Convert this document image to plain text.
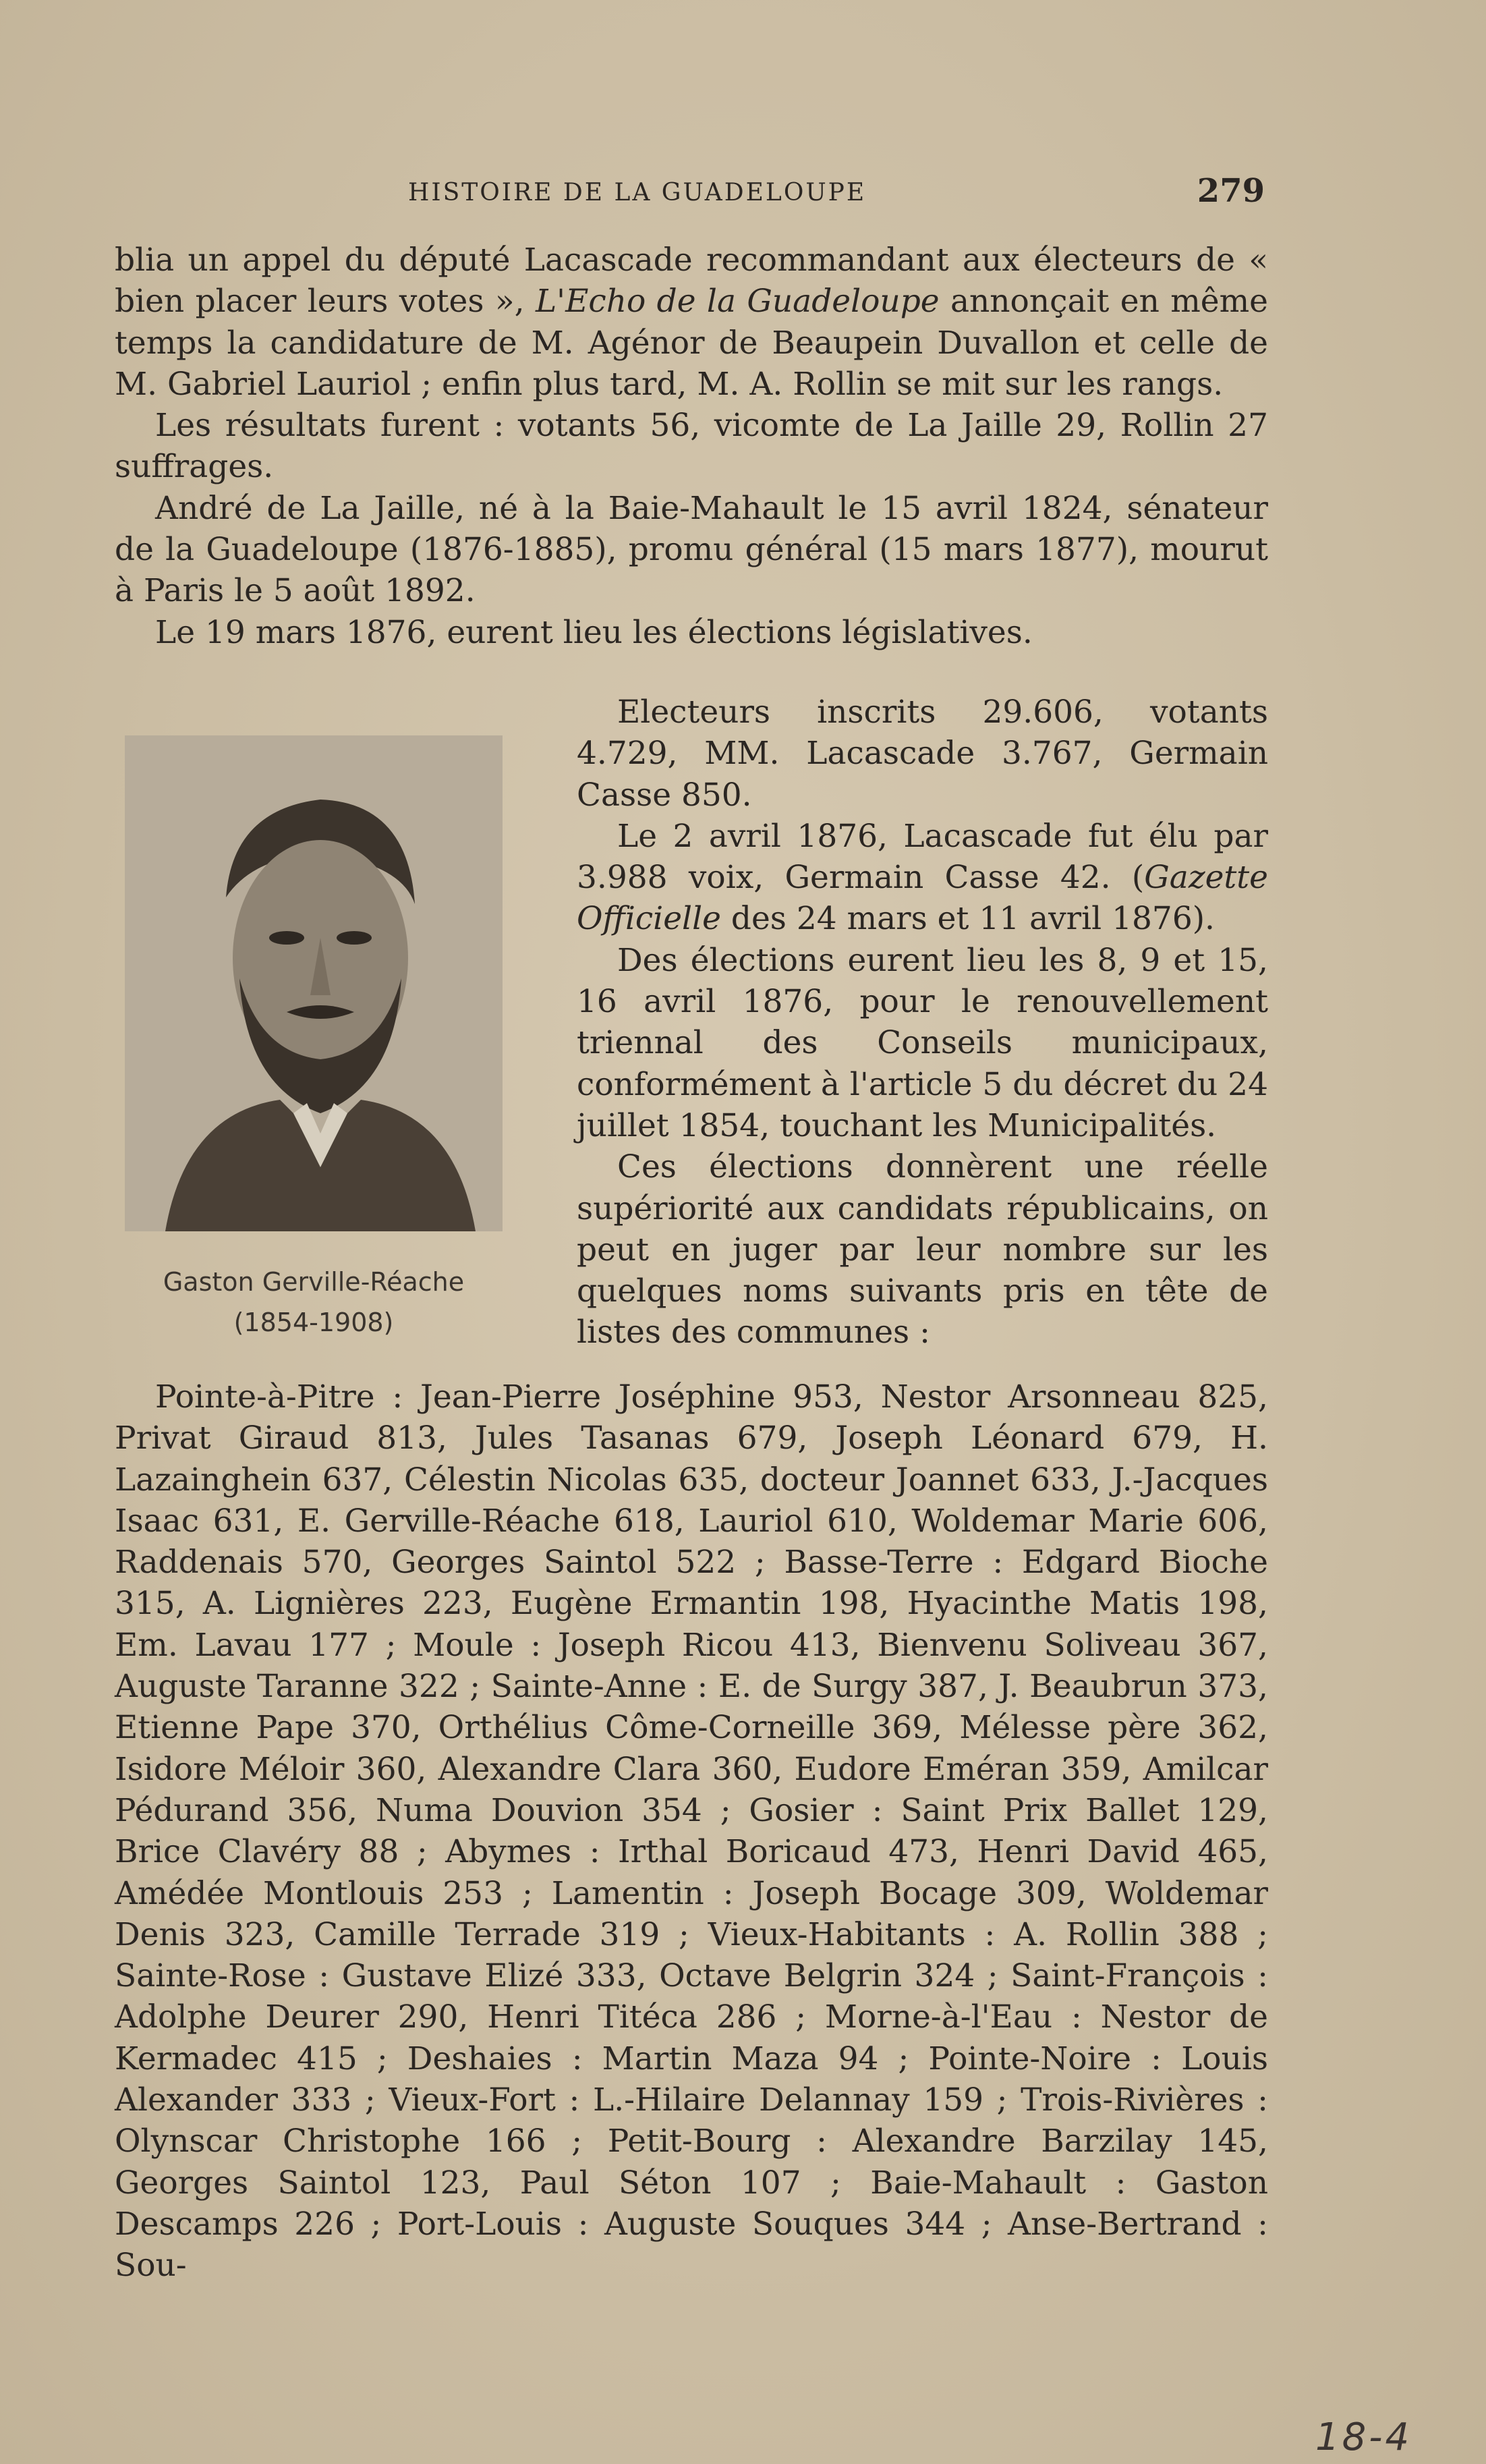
HISTOIRE DE LA GUADELOUPE	279

blia un appel du député Lacascade recommandant aux électeurs de « bien placer leurs votes », L'Echo de la Guadeloupe annonçait en même temps la candidature de M. Agénor de Beaupein Duvallon et celle de M. Gabriel Lauriol ; enfin plus tard, M. A. Rollin se mit sur les rangs.

Les résultats furent : votants 56, vicomte de La Jaille 29, Rollin 27 suffrages.

André de La Jaille, né à la Baie-Mahault le 15 avril 1824, sénateur de la Guadeloupe (1876-1885), promu général (15 mars 1877), mourut à Paris le 5 août 1892.

Le 19 mars 1876, eurent lieu les élections législatives.

Gaston Gerville-Réache
(1854-1908)

Electeurs inscrits 29.606, votants 4.729, MM. Lacascade 3.767, Germain Casse 850.

Le 2 avril 1876, Lacascade fut élu par 3.988 voix, Germain Casse 42. (Gazette Officielle des 24 mars et 11 avril 1876).

Des élections eurent lieu les 8, 9 et 15, 16 avril 1876, pour le renouvellement triennal des Conseils municipaux, conformément à l'article 5 du décret du 24 juillet 1854, touchant les Municipalités.

Ces élections donnèrent une réelle supériorité aux candidats républicains, on peut en juger par leur nombre sur les quelques noms suivants pris en tête de listes des communes :

Pointe-à-Pitre : Jean-Pierre Joséphine 953, Nestor Arsonneau 825, Privat Giraud 813, Jules Tasanas 679, Joseph Léonard 679, H. Lazainghein 637, Célestin Nicolas 635, docteur Joannet 633, J.-Jacques Isaac 631, E. Gerville-Réache 618, Lauriol 610, Woldemar Marie 606, Raddenais 570, Georges Saintol 522 ; Basse-Terre : Edgard Bioche 315, A. Lignières 223, Eugène Ermantin 198, Hyacinthe Matis 198, Em. Lavau 177 ; Moule : Joseph Ricou 413, Bienvenu Soliveau 367, Auguste Taranne 322 ; Sainte-Anne : E. de Surgy 387, J. Beaubrun 373, Etienne Pape 370, Orthélius Côme-Corneille 369, Mélesse père 362, Isidore Méloir 360, Alexandre Clara 360, Eudore Eméran 359, Amilcar Pédurand 356, Numa Douvion 354 ; Gosier : Saint Prix Ballet 129, Brice Clavéry 88 ; Abymes : Irthal Boricaud 473, Henri David 465, Amédée Montlouis 253 ; Lamentin : Joseph Bocage 309, Woldemar Denis 323, Camille Terrade 319 ; Vieux-Habitants : A. Rollin 388 ; Sainte-Rose : Gustave Elizé 333, Octave Belgrin 324 ; Saint-François : Adolphe Deurer 290, Henri Titéca 286 ; Morne-à-l'Eau : Nestor de Kermadec 415 ; Deshaies : Martin Maza 94 ; Pointe-Noire : Louis Alexander 333 ; Vieux-Fort : L.-Hilaire Delannay 159 ; Trois-Rivières : Olynscar Christophe 166 ; Petit-Bourg : Alexandre Barzilay 145, Georges Saintol 123, Paul Séton 107 ; Baie-Mahault : Gaston Descamps 226 ; Port-Louis : Auguste Souques 344 ; Anse-Bertrand : Sou-

18-4
